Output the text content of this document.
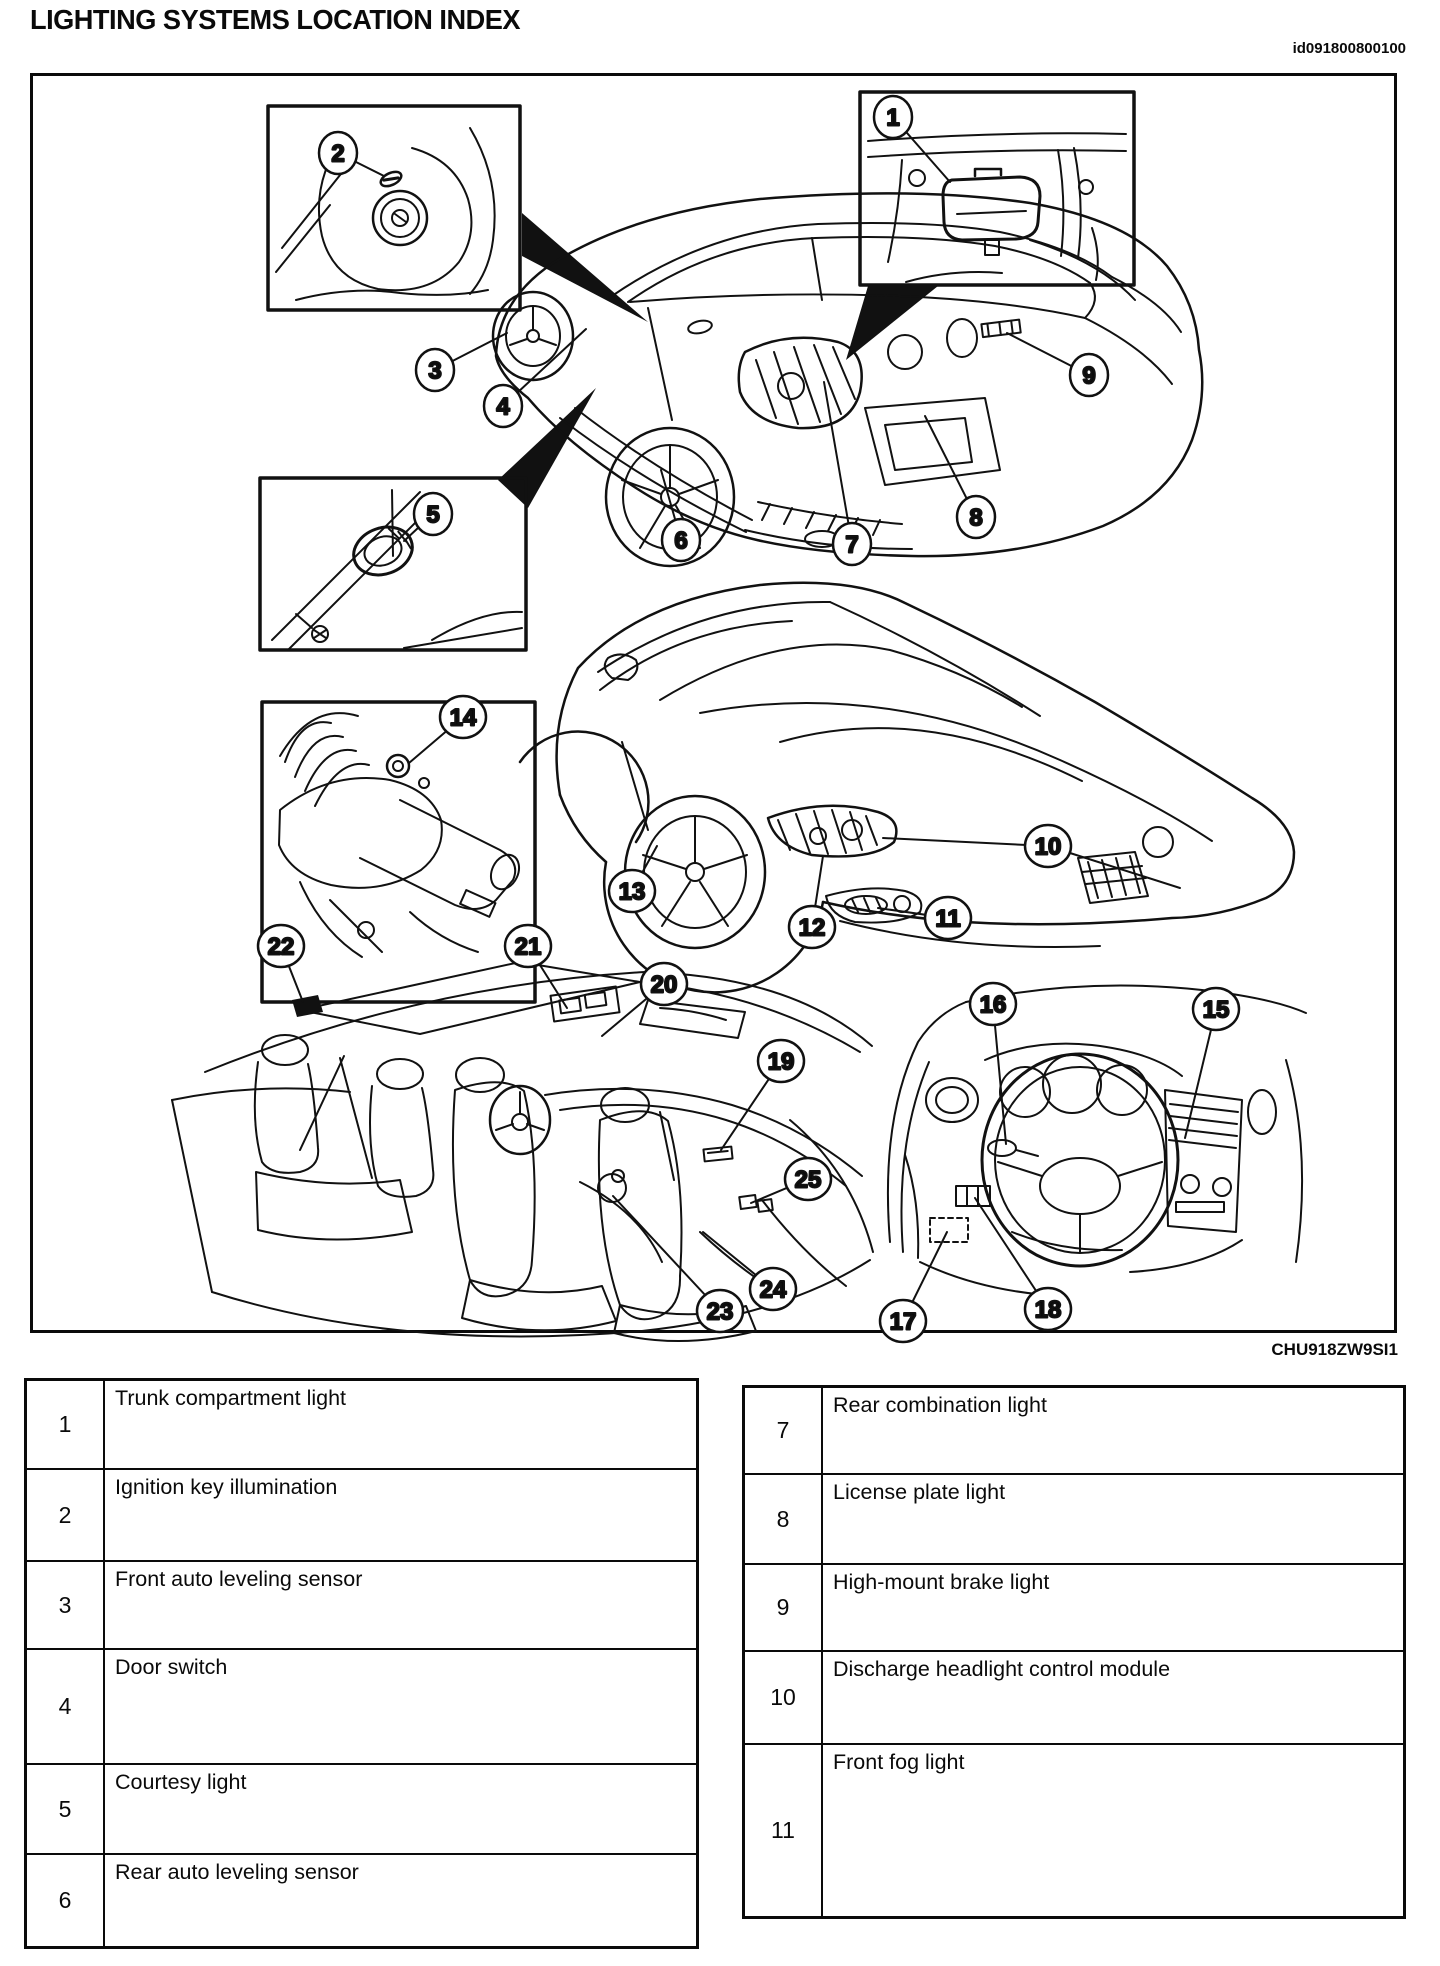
LIGHTING SYSTEMS LOCATION INDEX
id091800800100
1
2
3
4
5
6	7
8
9
10
11
12
13
14
15
16
17	18
19
20
21
22
23
24
25
CHU918ZW9SI1
1
Trunk compartment light
2
Ignition key illumination
3
Front auto leveling sensor
4
Door switch
5
Courtesy light
6
Rear auto leveling sensor
7
Rear combination light
8
License plate light
9
High-mount brake light
10
Discharge headlight control module
11
Front fog light
